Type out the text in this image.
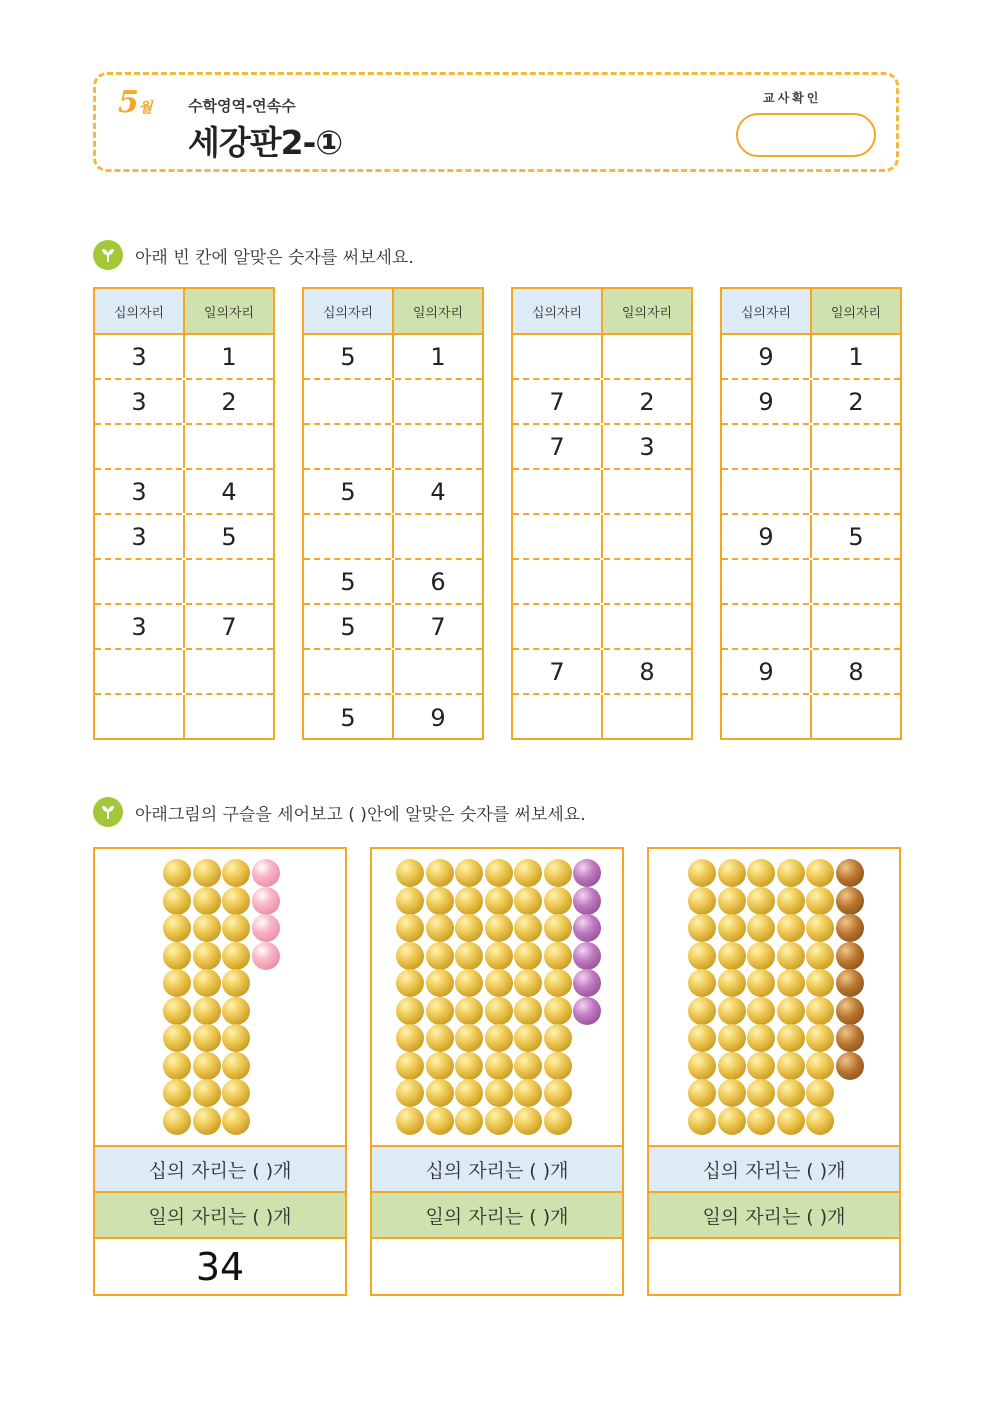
5월 수학영역-연속수
세강판2-①
교사확인
아래 빈 칸에 알맞은 숫자를 써보세요.
십의자리	일의자리
3	1
3	2
3	4
3	5
3	7
십의자리	일의자리
5	1
5	4
5	6
5	7
5	9
십의자리	일의자리
7	2
7	3
7	8
십의자리	일의자리
9	1
9	2
9	5
9	8
아래그림의 구슬을 세어보고 ( )안에 알맞은 숫자를 써보세요.
십의 자리는 ( )개
일의 자리는 ( )개
34
십의 자리는 ( )개
일의 자리는 ( )개
십의 자리는 ( )개
일의 자리는 ( )개
